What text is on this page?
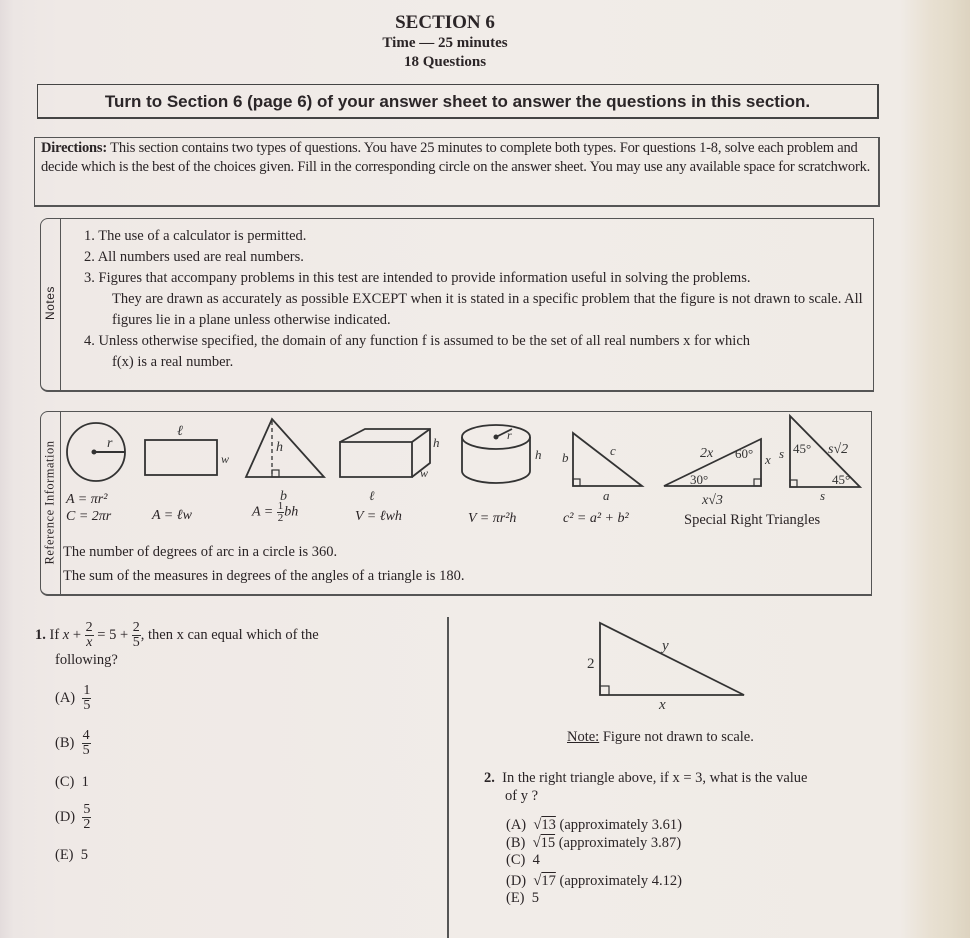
SECTION 6
Time — 25 minutes
18 Questions
Turn to Section 6 (page 6) of your answer sheet to answer the questions in this section.
Directions: This section contains two types of questions. You have 25 minutes to complete both types. For questions 1-8, solve each problem and decide which is the best of the choices given. Fill in the corresponding circle on the answer sheet. You may use any available space for scratchwork.
Notes
1. The use of a calculator is permitted.
2. All numbers used are real numbers.
3. Figures that accompany problems in this test are intended to provide information useful in solving the problems.
They are drawn as accurately as possible EXCEPT when it is stated in a specific problem that the figure is not drawn to scale. All figures lie in a plane unless otherwise indicated.
4. Unless otherwise specified, the domain of any function f is assumed to be the set of all real numbers x for which
f(x) is a real number.
Reference Information	r
ℓ
w
h
b
h
w
ℓ
r
h b	c
a
2x 60° x
30°
x√3
s 45° s√2
45°
s
A = πr²
C = 2πr	A = ℓw	$A = \frac{1}{2}$ bh	V = ℓwh	V = πr²h	c² = a² + b²	Special Right Triangles
The number of degrees of arc in a circle is 360.
The sum of the measures in degrees of the angles of a triangle is 180.
1. If $x + \frac{2}{x} = 5 + \frac{2}{5}$ , then x can equal which of the
following?
$(A) \frac{1}{5}$
$(B) \frac{4}{5}$
(C) 1
$(D) \frac{5}{2}$
(E) 5
2
y
x
Note: Figure not drawn to scale.
2. In the right triangle above, if x = 3, what is the value
of y ?
(A)  √13 (approximately 3.61)
(B)  √15 (approximately 3.87)
(C) 4
(D)  √17 (approximately 4.12)
(E) 5
